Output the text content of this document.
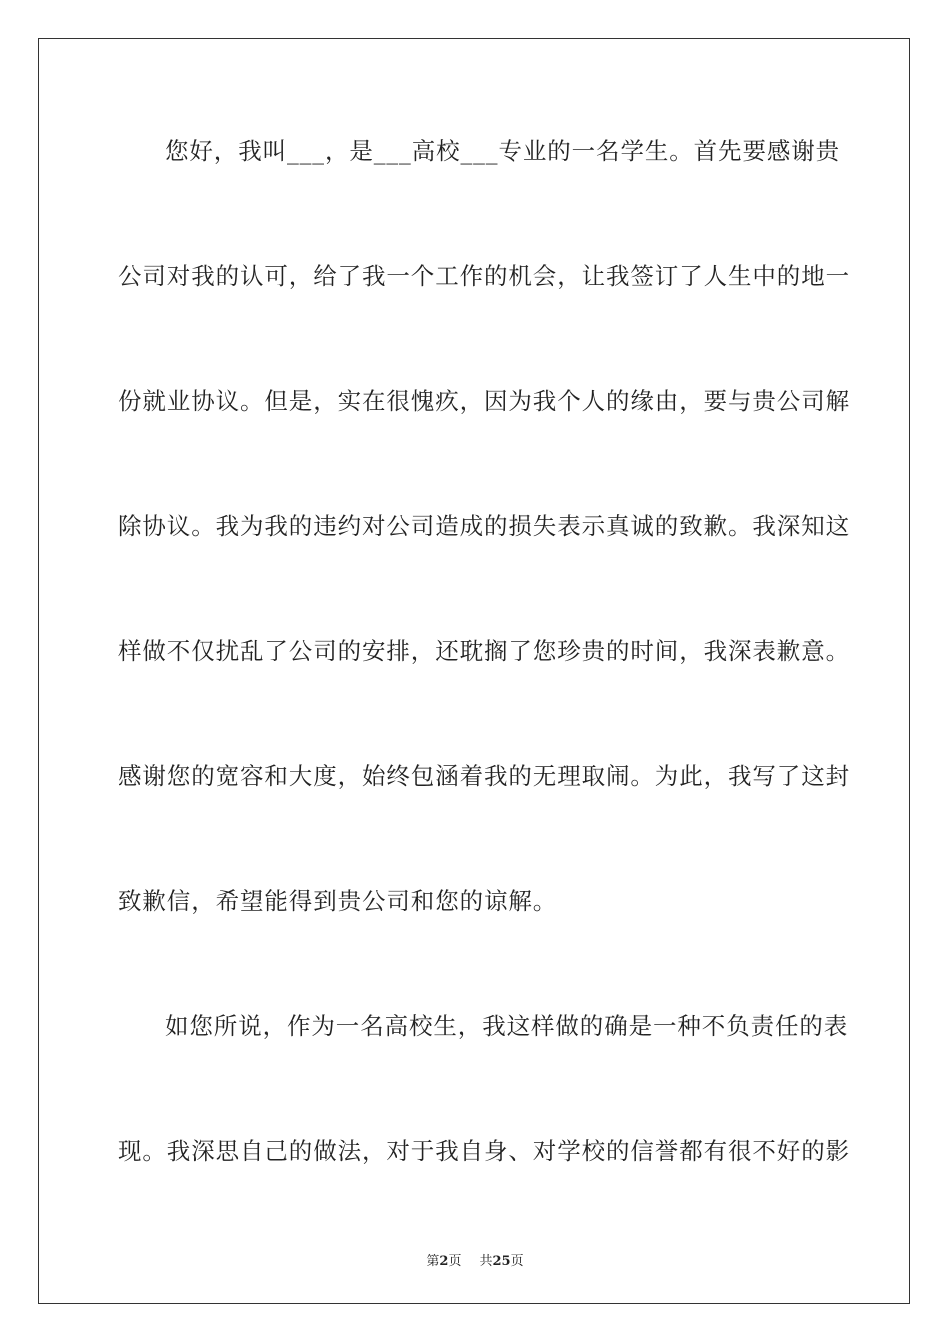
您好，我叫___，是___高校___专业的一名学生。首先要感谢贵
公司对我的认可，给了我一个工作的机会，让我签订了人生中的地一
份就业协议。但是，实在很愧疚，因为我个人的缘由，要与贵公司解
除协议。我为我的违约对公司造成的损失表示真诚的致歉。我深知这
样做不仅扰乱了公司的安排，还耽搁了您珍贵的时间，我深表歉意。
感谢您的宽容和大度，始终包涵着我的无理取闹。为此，我写了这封
致歉信，希望能得到贵公司和您的谅解。
如您所说，作为一名高校生，我这样做的确是一种不负责任的表
现。我深思自己的做法，对于我自身、对学校的信誉都有很不好的影
第2页 共25页
